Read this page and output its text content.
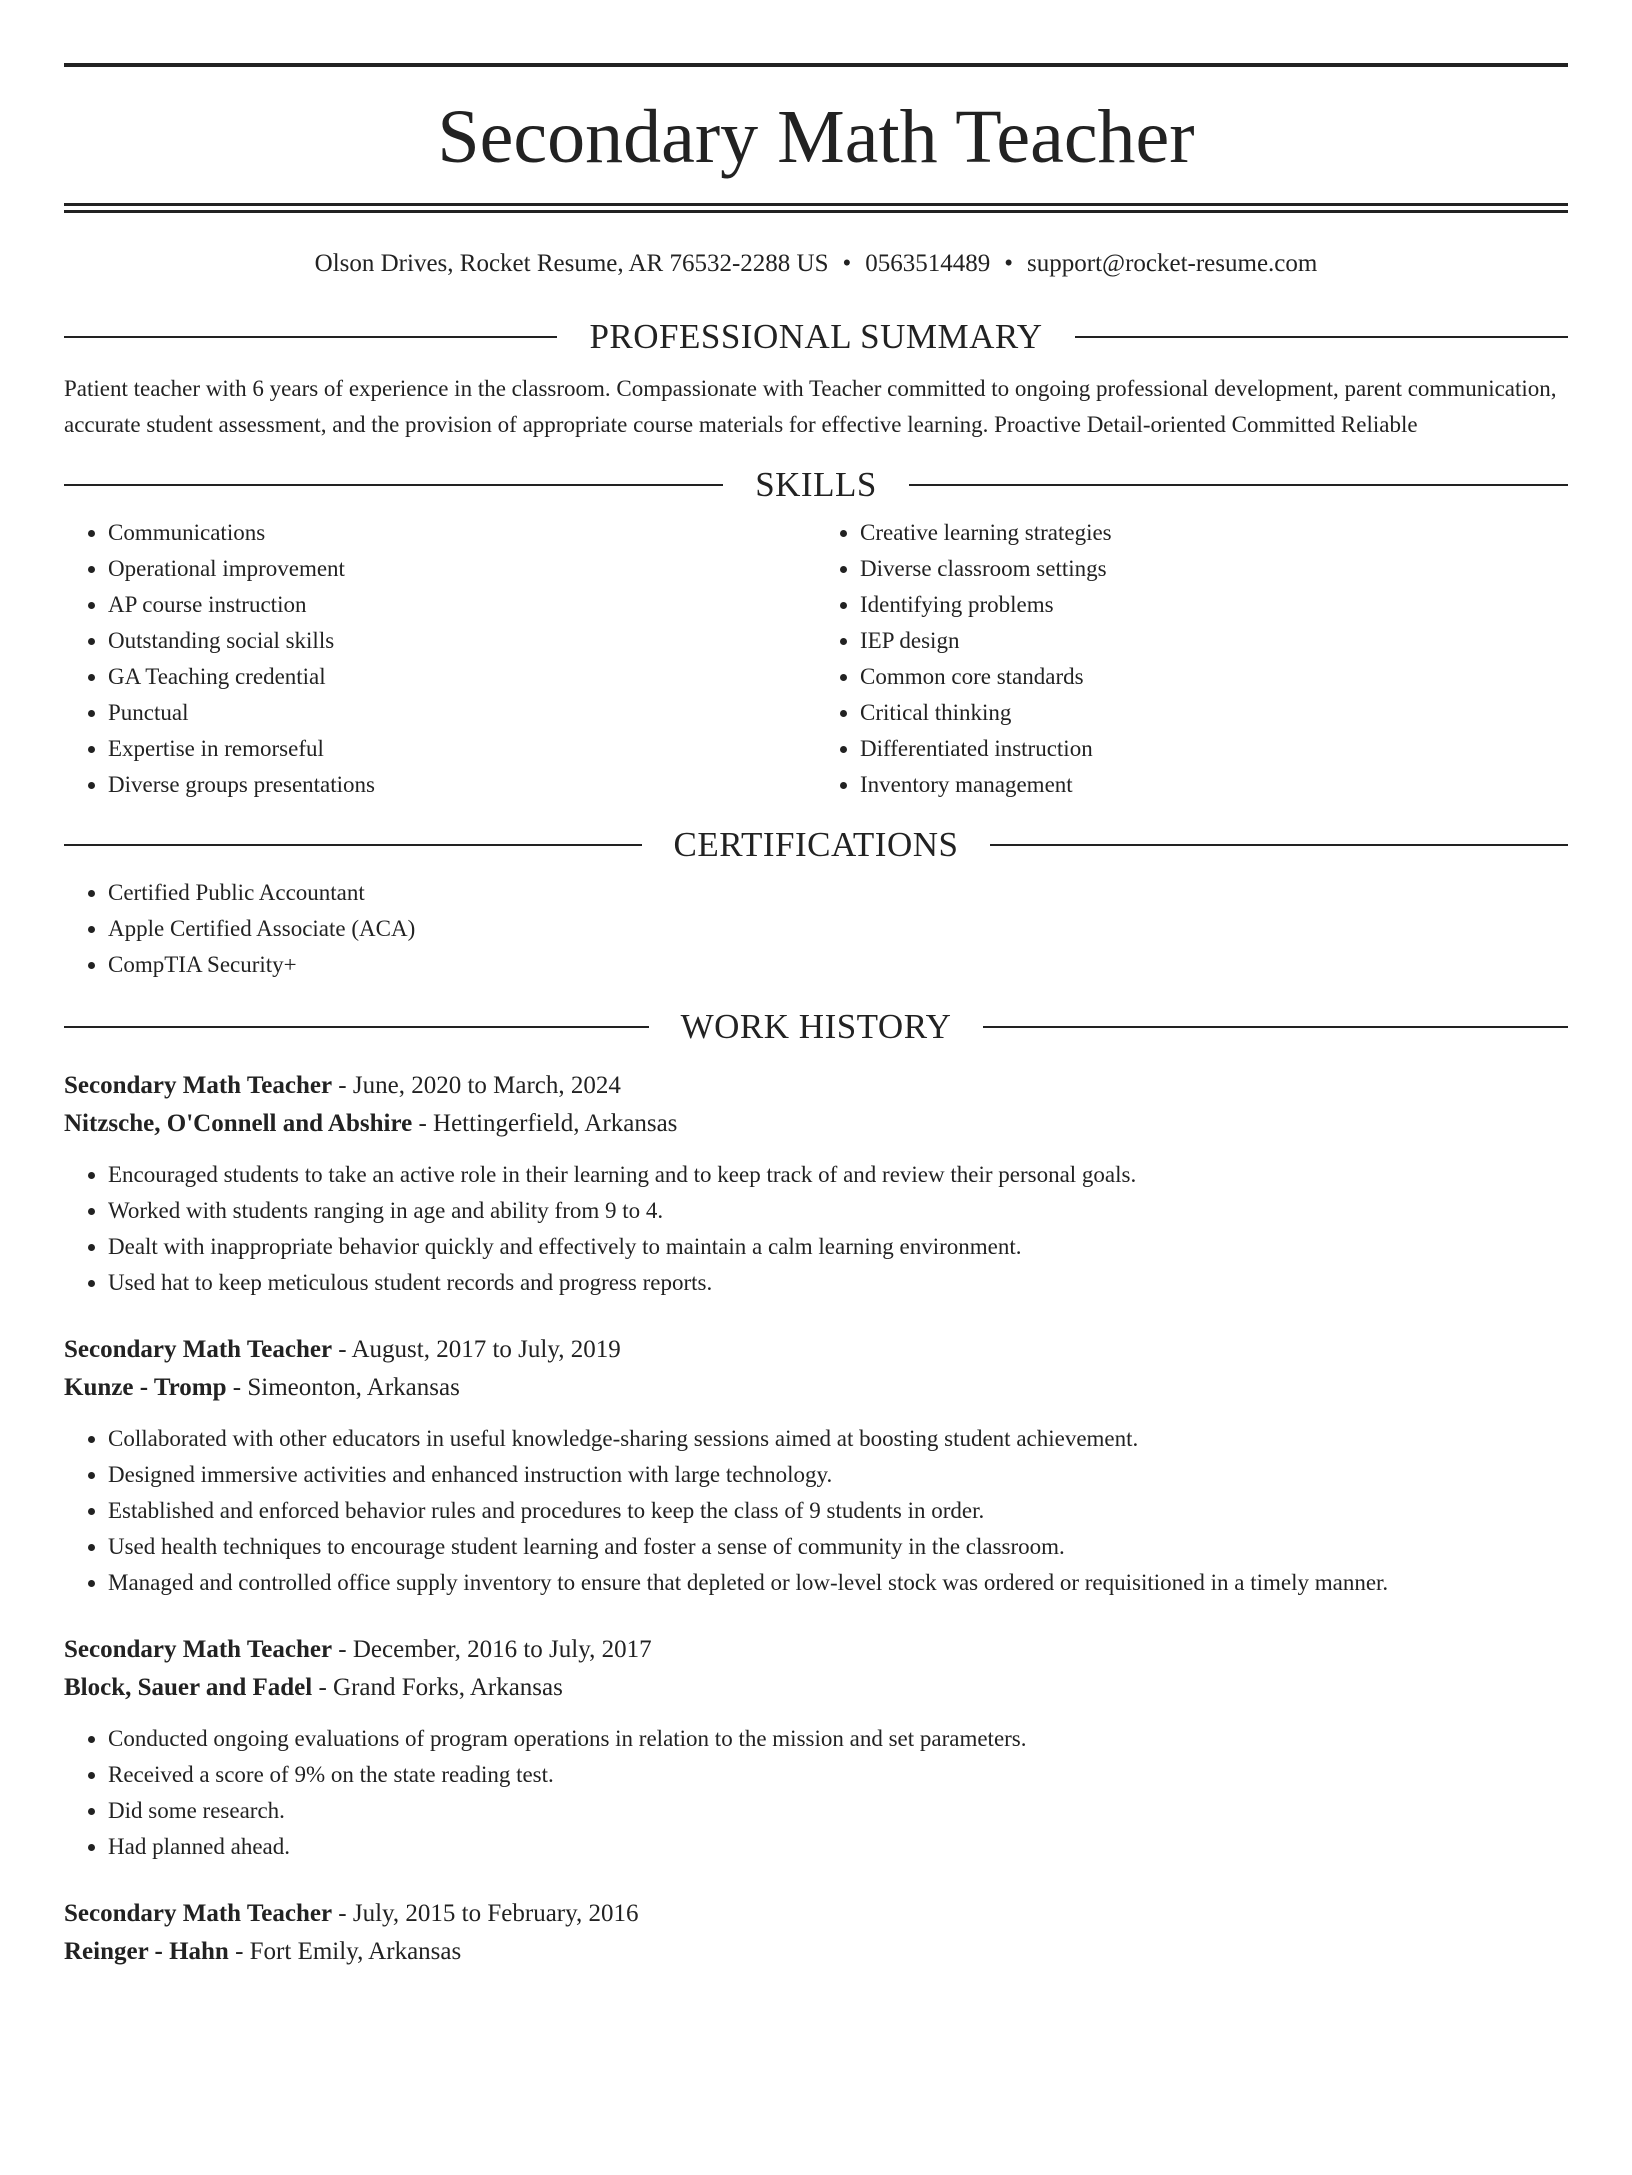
Secondary Math Teacher
Olson Drives, Rocket Resume, AR 76532-2288 US • 0563514489 • support@rocket-resume.com
PROFESSIONAL SUMMARY

Patient teacher with 6 years of experience in the classroom. Compassionate with Teacher committed to ongoing professional development, parent communication, accurate student assessment, and the provision of appropriate course materials for effective learning. Proactive Detail-oriented Committed Reliable

SKILLS
• Communications
• Operational improvement
• AP course instruction
• Outstanding social skills
• GA Teaching credential
• Punctual
• Expertise in remorseful
• Diverse groups presentations
• Creative learning strategies
• Diverse classroom settings
• Identifying problems
• IEP design
• Common core standards
• Critical thinking
• Differentiated instruction
• Inventory management
CERTIFICATIONS
• Certified Public Accountant
• Apple Certified Associate (ACA)
• CompTIA Security+
WORK HISTORY
Secondary Math Teacher - June, 2020 to March, 2024
Nitzsche, O'Connell and Abshire - Hettingerfield, Arkansas
• Encouraged students to take an active role in their learning and to keep track of and review their personal goals.
• Worked with students ranging in age and ability from 9 to 4.
• Dealt with inappropriate behavior quickly and effectively to maintain a calm learning environment.
• Used hat to keep meticulous student records and progress reports.
Secondary Math Teacher - August, 2017 to July, 2019
Kunze - Tromp - Simeonton, Arkansas
• Collaborated with other educators in useful knowledge-sharing sessions aimed at boosting student achievement.
• Designed immersive activities and enhanced instruction with large technology.
• Established and enforced behavior rules and procedures to keep the class of 9 students in order.
• Used health techniques to encourage student learning and foster a sense of community in the classroom.
• Managed and controlled office supply inventory to ensure that depleted or low-level stock was ordered or requisitioned in a timely manner.
Secondary Math Teacher - December, 2016 to July, 2017
Block, Sauer and Fadel - Grand Forks, Arkansas
• Conducted ongoing evaluations of program operations in relation to the mission and set parameters.
• Received a score of 9% on the state reading test.
• Did some research.
• Had planned ahead.
Secondary Math Teacher - July, 2015 to February, 2016
Reinger - Hahn - Fort Emily, Arkansas
